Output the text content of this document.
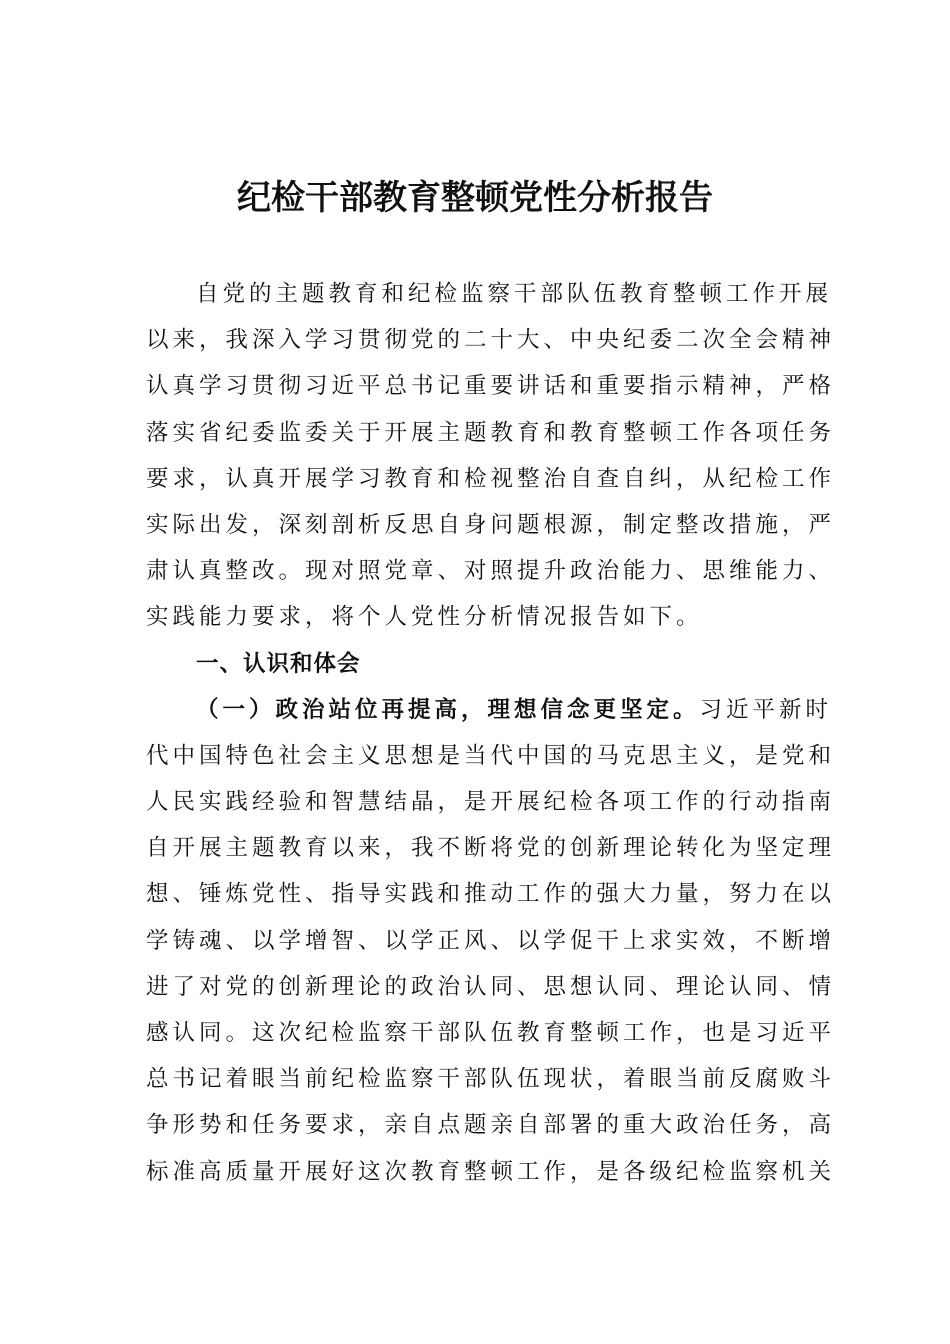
纪检干部教育整顿党性分析报告
自党的主题教育和纪检监察干部队伍教育整顿工作开展
以来，我深入学习贯彻党的二十大、中央纪委二次全会精神
认真学习贯彻习近平总书记重要讲话和重要指示精神，严格
落实省纪委监委关于开展主题教育和教育整顿工作各项任务
要求，认真开展学习教育和检视整治自查自纠，从纪检工作
实际出发，深刻剖析反思自身问题根源，制定整改措施，严
肃认真整改。现对照党章、对照提升政治能力、思维能力、
实践能力要求，将个人党性分析情况报告如下。
一、认识和体会
（一）政治站位再提高，理想信念更坚定。习近平新时
代中国特色社会主义思想是当代中国的马克思主义，是党和
人民实践经验和智慧结晶，是开展纪检各项工作的行动指南
自开展主题教育以来，我不断将党的创新理论转化为坚定理
想、锤炼党性、指导实践和推动工作的强大力量，努力在以
学铸魂、以学增智、以学正风、以学促干上求实效，不断增
进了对党的创新理论的政治认同、思想认同、理论认同、情
感认同。这次纪检监察干部队伍教育整顿工作，也是习近平
总书记着眼当前纪检监察干部队伍现状，着眼当前反腐败斗
争形势和任务要求，亲自点题亲自部署的重大政治任务，高
标准高质量开展好这次教育整顿工作，是各级纪检监察机关
